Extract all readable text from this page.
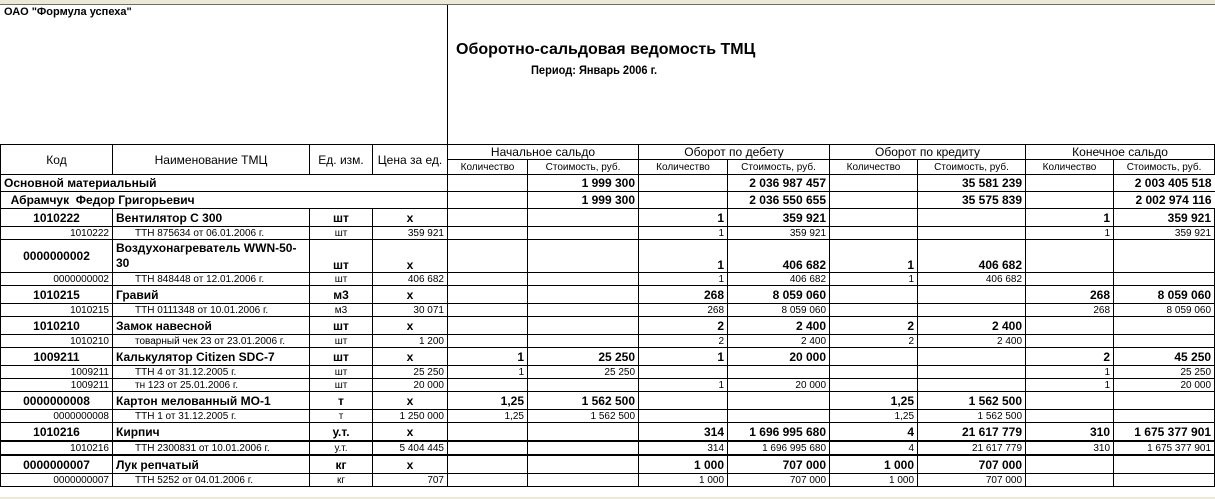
ОАО "Формула успеха"
Оборотно-сальдовая ведомость ТМЦ
Период: Январь 2006 г.
Код	Наименование ТМЦ	Ед. изм.	Цена за ед.	Начальное сальдо		Оборот по дебету		Оборот по кредиту		Конечное сальдо	
				Количество	Стоимость, руб.	Количество	Стоимость, руб.	Количество	Стоимость, руб.	Количество	Стоимость, руб.
Основной материальный					1 999 300		2 036 987 457		35 581 239		2 003 405 518
Абрамчук  Федор Григорьевич					1 999 300		2 036 550 655		35 575 839		2 002 974 116
1010222	Вентилятор С 300	шт	х			1	359 921			1	359 921
1010222	ТТН 875634 от 06.01.2006 г.	шт	359 921			1	359 921			1	359 921
0000000002	Воздухонагреватель WWN-50-30	шт	х			1	406 682	1	406 682		
0000000002	ТТН 848448 от 12.01.2006 г.	шт	406 682			1	406 682	1	406 682		
1010215	Гравий	м3	х			268	8 059 060			268	8 059 060
1010215	ТТН 0111348 от 10.01.2006 г.	м3	30 071			268	8 059 060			268	8 059 060
1010210	Замок навесной	шт	х			2	2 400	2	2 400		
1010210	товарный чек 23 от 23.01.2006 г.	шт	1 200			2	2 400	2	2 400		
1009211	Калькулятор Citizen SDC-7	шт	х	1	25 250	1	20 000			2	45 250
1009211	ТТН 4 от 31.12.2005 г.	шт	25 250	1	25 250					1	25 250
1009211	тн 123 от 25.01.2006 г.	шт	20 000			1	20 000			1	20 000
0000000008	Картон мелованный МО-1	т	х	1,25	1 562 500			1,25	1 562 500		
0000000008	ТТН 1 от 31.12.2005 г.	т	1 250 000	1,25	1 562 500			1,25	1 562 500		
1010216	Кирпич	у.т.	х			314	1 696 995 680	4	21 617 779	310	1 675 377 901
1010216	ТТН 2300831 от 10.01.2006 г.	у.т.	5 404 445			314	1 696 995 680	4	21 617 779	310	1 675 377 901
0000000007	Лук репчатый	кг	х			1 000	707 000	1 000	707 000		
0000000007	ТТН 5252 от 04.01.2006 г.	кг	707			1 000	707 000	1 000	707 000		
